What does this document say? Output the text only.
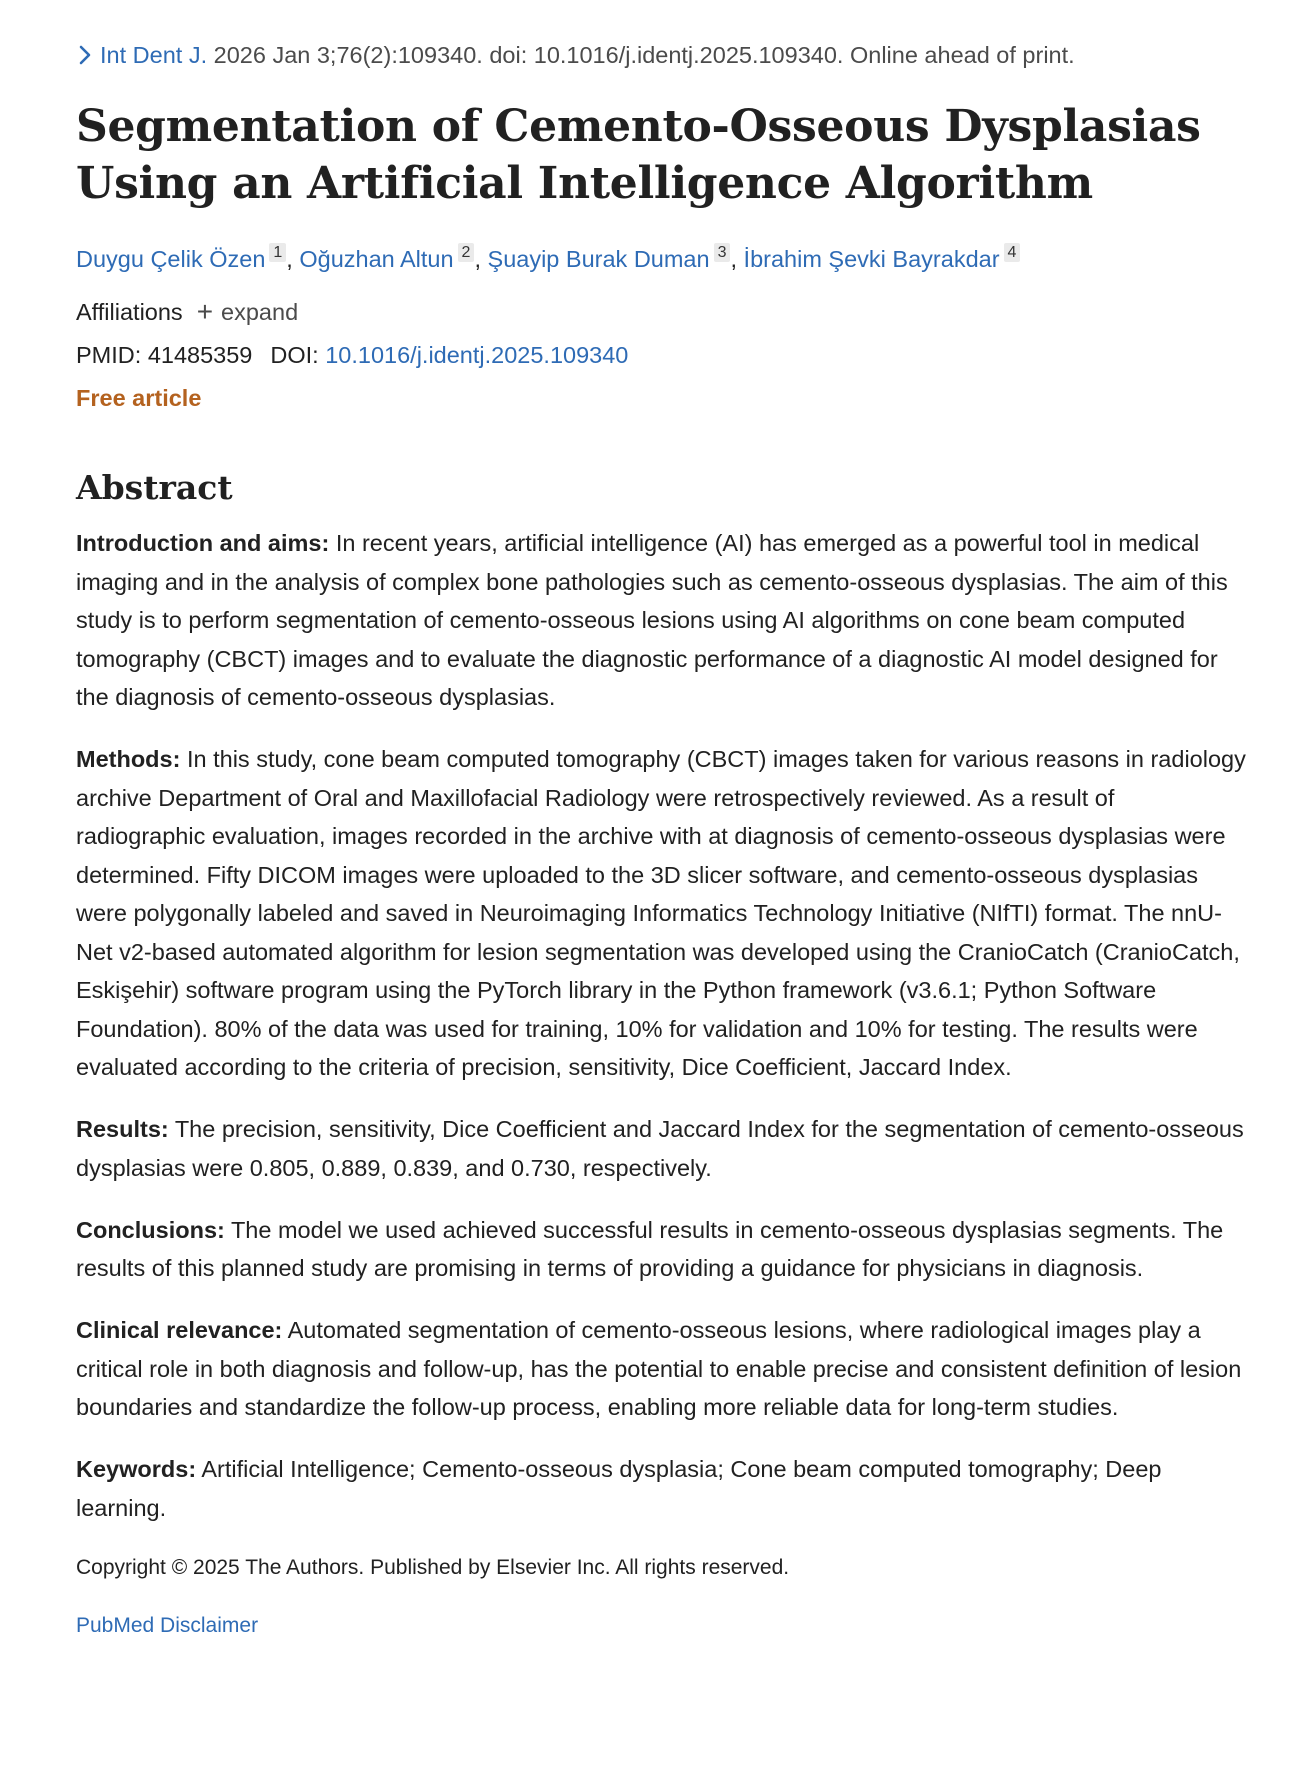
Int Dent J. 2026 Jan 3;76(2):109340. doi: 10.1016/j.identj.2025.109340. Online ahead of print.
Segmentation of Cemento-Osseous Dysplasias Using an Artificial Intelligence Algorithm
Duygu Çelik Özen 1 , Oğuzhan Altun 2 , Şuayip Burak Duman 3 , İbrahim Şevki Bayrakdar 4
Affiliations + expand
PMID: 41485359 DOI: 10.1016/j.identj.2025.109340
Free article
Abstract

Introduction and aims: In recent years, artificial intelligence (AI) has emerged as a powerful tool in medical imaging and in the analysis of complex bone pathologies such as cemento-osseous dysplasias. The aim of this study is to perform segmentation of cemento-osseous lesions using AI algorithms on cone beam computed tomography (CBCT) images and to evaluate the diagnostic performance of a diagnostic AI model designed for the diagnosis of cemento-osseous dysplasias.

Methods: In this study, cone beam computed tomography (CBCT) images taken for various reasons in radiology archive Department of Oral and Maxillofacial Radiology were retrospectively reviewed. As a result of radiographic evaluation, images recorded in the archive with at diagnosis of cemento-osseous dysplasias were determined. Fifty DICOM images were uploaded to the 3D slicer software, and cemento-osseous dysplasias were polygonally labeled and saved in Neuroimaging Informatics Technology Initiative (NIfTI) format. The nnU-Net v2-based automated algorithm for lesion segmentation was developed using the CranioCatch (CranioCatch, Eskişehir) software program using the PyTorch library in the Python framework (v3.6.1; Python Software Foundation). 80% of the data was used for training, 10% for validation and 10% for testing. The results were evaluated according to the criteria of precision, sensitivity, Dice Coefficient, Jaccard Index.

Results: The precision, sensitivity, Dice Coefficient and Jaccard Index for the segmentation of cemento-osseous dysplasias were 0.805, 0.889, 0.839, and 0.730, respectively.

Conclusions: The model we used achieved successful results in cemento-osseous dysplasias segments. The results of this planned study are promising in terms of providing a guidance for physicians in diagnosis.

Clinical relevance: Automated segmentation of cemento-osseous lesions, where radiological images play a critical role in both diagnosis and follow-up, has the potential to enable precise and consistent definition of lesion boundaries and standardize the follow-up process, enabling more reliable data for long-term studies.

Keywords: Artificial Intelligence; Cemento-osseous dysplasia; Cone beam computed tomography; Deep learning.

Copyright © 2025 The Authors. Published by Elsevier Inc. All rights reserved.
PubMed Disclaimer
